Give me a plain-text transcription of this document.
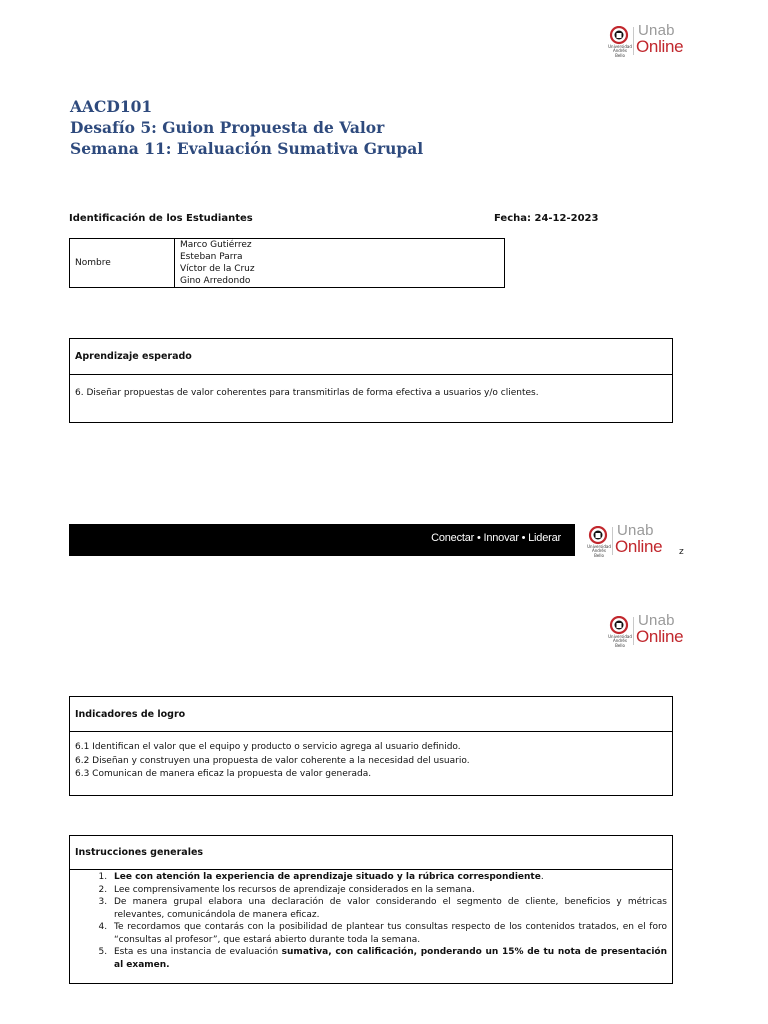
Universidad
Andrés Bello
Unab
Online
AACD101
Desafío 5: Guion Propuesta de Valor
Semana 11: Evaluación Sumativa Grupal
Identificación de los Estudiantes	Fecha: 24-12-2023
Nombre	
Marco Gutiérrez
Esteban Parra
Víctor de la Cruz
Gino Arredondo
Aprendizaje esperado
6. Diseñar propuestas de valor coherentes para transmitirlas de forma efectiva a usuarios y/o clientes.
Conectar • Innovar • Liderar
Universidad
Andrés Bello
Unab
Online z
Universidad
Andrés Bello
Unab
Online
Indicadores de logro
6.1 Identifican el valor que el equipo y producto o servicio agrega al usuario definido.
6.2 Diseñan y construyen una propuesta de valor coherente a la necesidad del usuario.
6.3 Comunican de manera eficaz la propuesta de valor generada.
Instrucciones generales
1. Lee con atención la experiencia de aprendizaje situado y la rúbrica correspondiente.
2. Lee comprensivamente los recursos de aprendizaje considerados en la semana.
3. De manera grupal elabora una declaración de valor considerando el segmento de cliente, beneficios y métricas relevantes, comunicándola de manera eficaz.
4. Te recordamos que contarás con la posibilidad de plantear tus consultas respecto de los contenidos tratados, en el foro “consultas al profesor”, que estará abierto durante toda la semana.
5. Esta es una instancia de evaluación sumativa, con calificación, ponderando un 15% de tu nota de presentación al examen.
